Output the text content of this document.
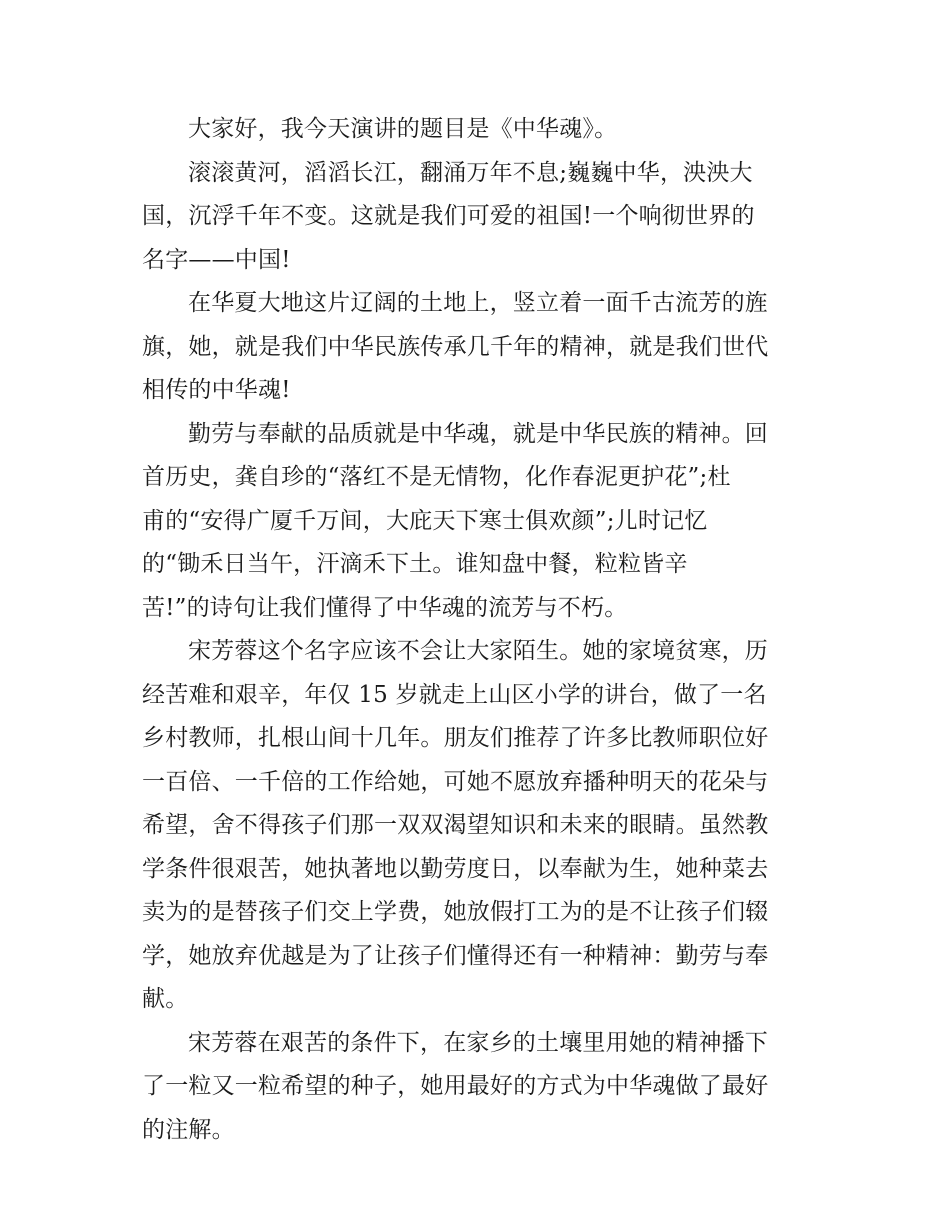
大家好，我今天演讲的题目是《中华魂》。
滚滚黄河，滔滔长江，翻涌万年不息;巍巍中华，泱泱大
国，沉浮千年不变。这就是我们可爱的祖国!一个响彻世界的
名字——中国!
在华夏大地这片辽阔的土地上，竖立着一面千古流芳的旌
旗，她，就是我们中华民族传承几千年的精神，就是我们世代
相传的中华魂!
勤劳与奉献的品质就是中华魂，就是中华民族的精神。回
首历史，龚自珍的“落红不是无情物，化作春泥更护花”;杜
甫的“安得广厦千万间，大庇天下寒士俱欢颜”;儿时记忆
的“锄禾日当午，汗滴禾下土。谁知盘中餐，粒粒皆辛
苦!”的诗句让我们懂得了中华魂的流芳与不朽。
宋芳蓉这个名字应该不会让大家陌生。她的家境贫寒，历
经苦难和艰辛，年仅 15 岁就走上山区小学的讲台，做了一名
乡村教师，扎根山间十几年。朋友们推荐了许多比教师职位好
一百倍、一千倍的工作给她，可她不愿放弃播种明天的花朵与
希望，舍不得孩子们那一双双渴望知识和未来的眼睛。虽然教
学条件很艰苦，她执著地以勤劳度日，以奉献为生，她种菜去
卖为的是替孩子们交上学费，她放假打工为的是不让孩子们辍
学，她放弃优越是为了让孩子们懂得还有一种精神：勤劳与奉
献。
宋芳蓉在艰苦的条件下，在家乡的土壤里用她的精神播下
了一粒又一粒希望的种子，她用最好的方式为中华魂做了最好
的注解。
